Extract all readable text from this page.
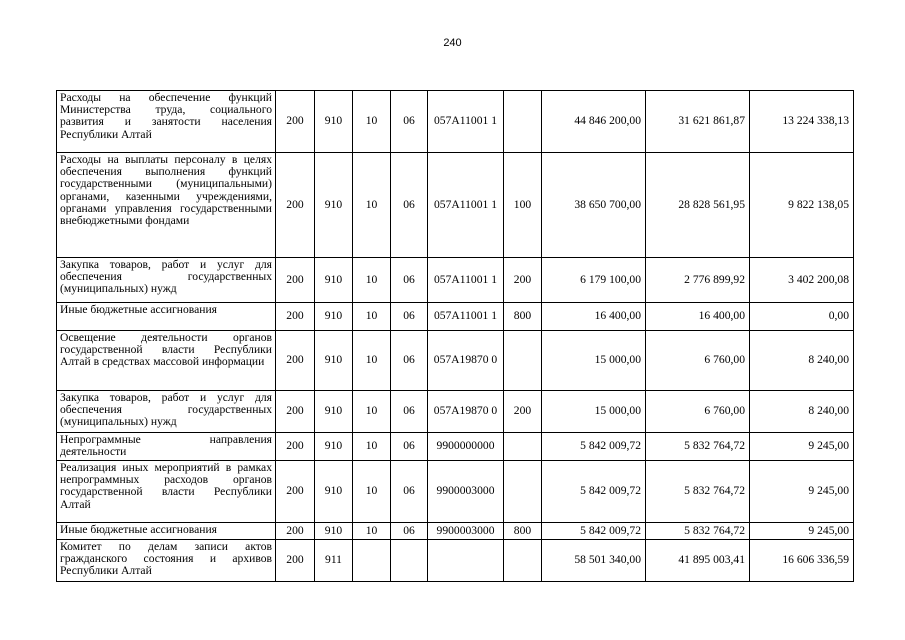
240
Расходы на обеспечение функций Министерства труда, социального развития и занятости населения Республики Алтай	200	910	10	06	057А11001 1		44 846 200,00	31 621 861,87	13 224 338,13
Расходы на выплаты персоналу в целях обеспечения выполнения функций государственными (муниципальными) органами, казенными учреждениями, органами управления государственными внебюджетными фондами	200	910	10	06	057А11001 1	100	38 650 700,00	28 828 561,95	9 822 138,05
Закупка товаров, работ и услуг для обеспечения государственных (муниципальных) нужд	200	910	10	06	057А11001 1	200	6 179 100,00	2 776 899,92	3 402 200,08
Иные бюджетные ассигнования	200	910	10	06	057А11001 1	800	16 400,00	16 400,00	0,00
Освещение деятельности органов государственной власти Республики Алтай в средствах массовой информации	200	910	10	06	057А19870 0		15 000,00	6 760,00	8 240,00
Закупка товаров, работ и услуг для обеспечения государственных (муниципальных) нужд	200	910	10	06	057А19870 0	200	15 000,00	6 760,00	8 240,00
Непрограммные направления деятельности	200	910	10	06	9900000000		5 842 009,72	5 832 764,72	9 245,00
Реализация иных мероприятий в рамках непрограммных расходов органов государственной власти Республики Алтай	200	910	10	06	9900003000		5 842 009,72	5 832 764,72	9 245,00
Иные бюджетные ассигнования	200	910	10	06	9900003000	800	5 842 009,72	5 832 764,72	9 245,00
Комитет по делам записи актов гражданского состояния и архивов Республики Алтай	200	911					58 501 340,00	41 895 003,41	16 606 336,59
